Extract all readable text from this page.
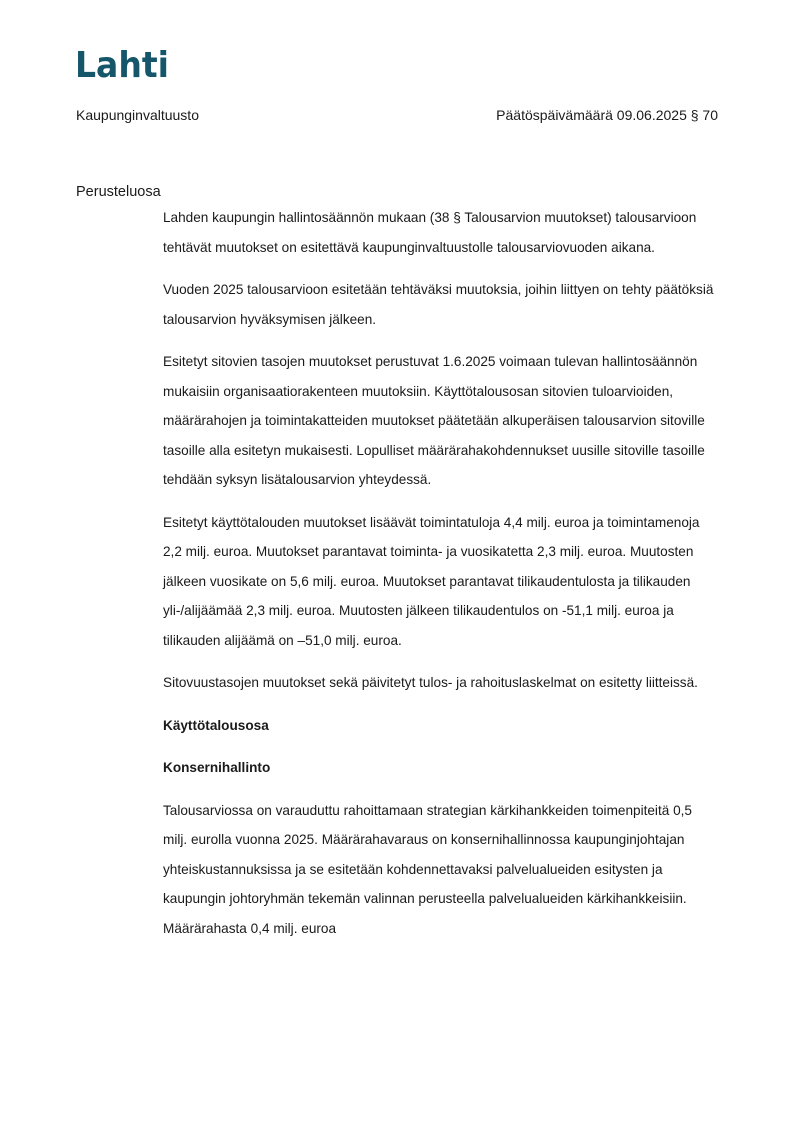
Lahti
Kaupunginvaltuusto	Päätöspäivämäärä 09.06.2025 § 70
Perusteluosa

Lahden kaupungin hallintosäännön mukaan (38 § Talousarvion muutokset) talousarvioon tehtävät muutokset on esitettävä kaupunginvaltuustolle talousarviovuoden aikana.

Vuoden 2025 talousarvioon esitetään tehtäväksi muutoksia, joihin liittyen on tehty päätöksiä talousarvion hyväksymisen jälkeen.

Esitetyt sitovien tasojen muutokset perustuvat 1.6.2025 voimaan tulevan hallintosäännön mukaisiin organisaatiorakenteen muutoksiin. Käyttötalousosan sitovien tuloarvioiden, määrärahojen ja toimintakatteiden muutokset päätetään alkuperäisen talousarvion sitoville tasoille alla esitetyn mukaisesti. Lopulliset määrärahakohdennukset uusille sitoville tasoille tehdään syksyn lisätalousarvion yhteydessä.

Esitetyt käyttötalouden muutokset lisäävät toimintatuloja 4,4 milj. euroa ja toimintamenoja 2,2 milj. euroa. Muutokset parantavat toiminta- ja vuosikatetta 2,3 milj. euroa. Muutosten jälkeen vuosikate on 5,6 milj. euroa. Muutokset parantavat tilikaudentulosta ja tilikauden yli-/alijäämää 2,3 milj. euroa. Muutosten jälkeen tilikaudentulos on -51,1 milj. euroa ja tilikauden alijäämä on –51,0 milj. euroa.

Sitovuustasojen muutokset sekä päivitetyt tulos- ja rahoituslaskelmat on esitetty liitteissä.

Käyttötalousosa
Konsernihallinto

Talousarviossa on varauduttu rahoittamaan strategian kärkihankkeiden toimenpiteitä 0,5 milj. eurolla vuonna 2025. Määrärahavaraus on konsernihallinnossa kaupunginjohtajan yhteiskustannuksissa ja se esitetään kohdennettavaksi palvelualueiden esitysten ja kaupungin johtoryhmän tekemän valinnan perusteella palvelualueiden kärkihankkeisiin. Määrärahasta 0,4 milj. euroa
